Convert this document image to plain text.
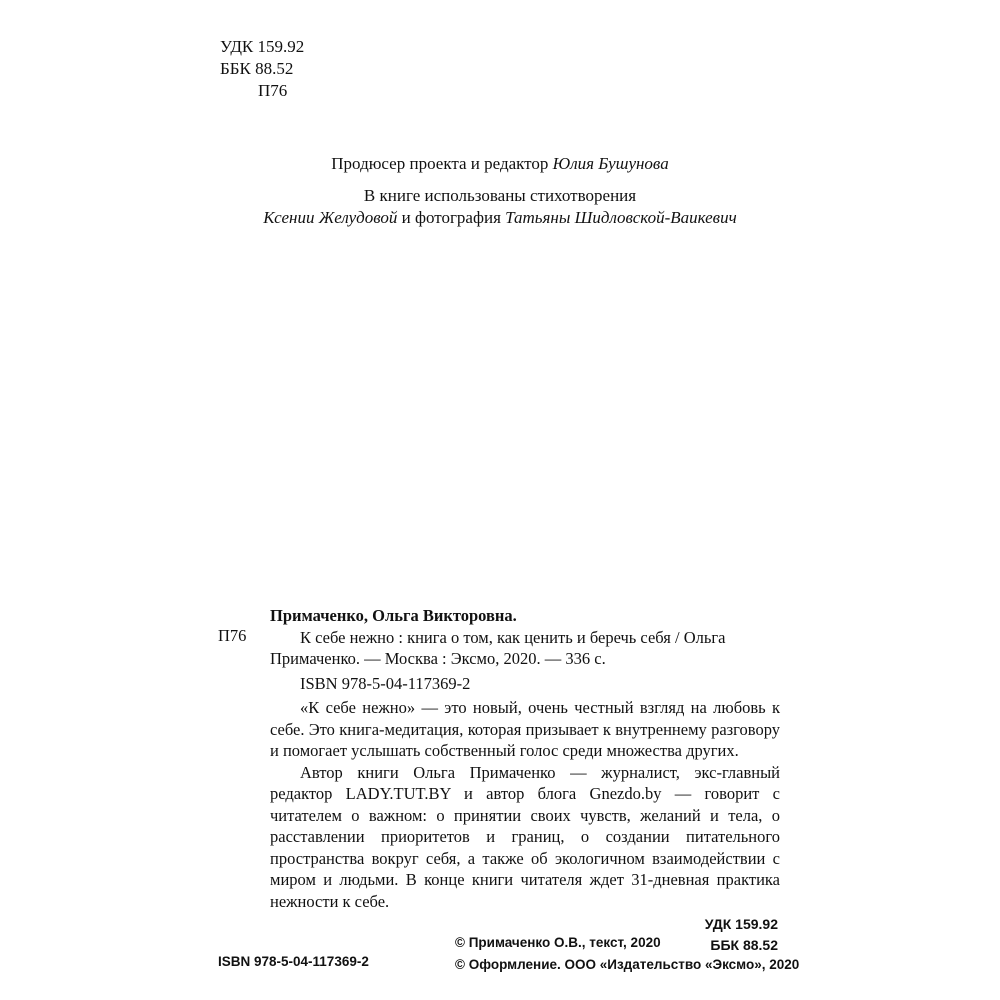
УДК 159.92
ББК 88.52
П76
Продюсер проекта и редактор Юлия Бушунова
В книге использованы стихотворения
Ксении Желудовой и фотография Татьяны Шидловской-Ваикевич
П76

Примаченко, Ольга Викторовна.

К себе нежно : книга о том, как ценить и беречь себя / Ольга

Примаченко. — Москва : Эксмо, 2020. — 336 с.

ISBN 978-5-04-117369-2

«К себе нежно» — это новый, очень честный взгляд на любовь к себе. Это книга-медитация, которая призывает к внутреннему разговору и помогает услышать собственный голос среди множества других.

Автор книги Ольга Примаченко — журналист, экс-главный редактор LADY.TUT.BY и автор блога Gnezdo.by — говорит с читателем о важном: о принятии своих чувств, желаний и тела, о расставлении приоритетов и границ, о создании питательного пространства вокруг себя, а также об экологичном взаимодействии с миром и людьми. В конце книги читателя ждет 31-дневная практика нежности к себе.

УДК 159.92
ББК 88.52

ISBN 978-5-04-117369-2
© Примаченко О.В., текст, 2020
© Оформление. ООО «Издательство «Эксмо», 2020
